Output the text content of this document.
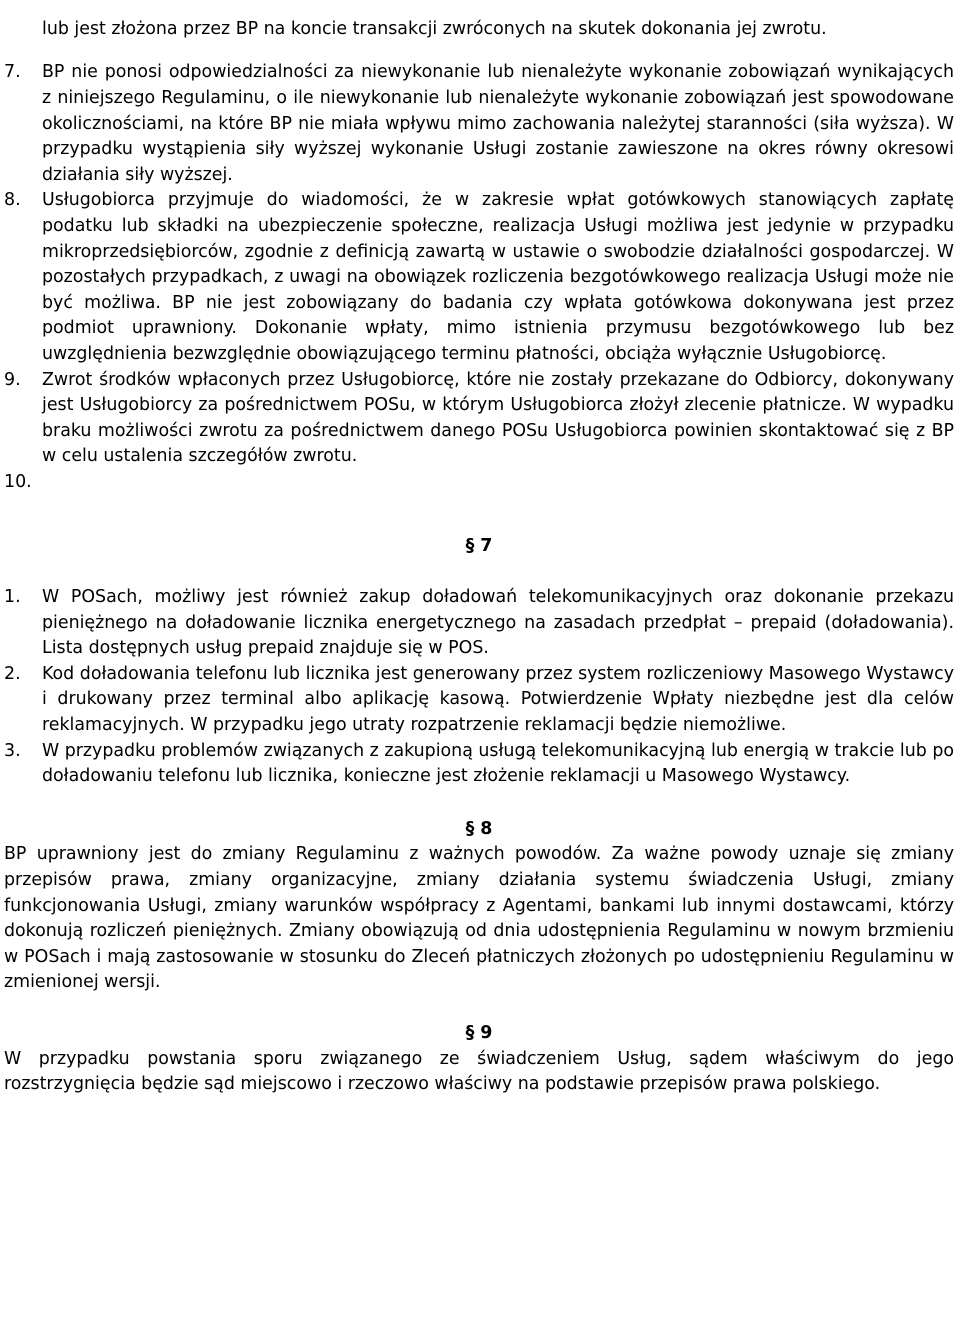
lub jest złożona przez BP na koncie transakcji zwróconych na skutek dokonania jej zwrotu.

7.	BP nie ponosi odpowiedzialności za niewykonanie lub nienależyte wykonanie zobowiązań wynikających z niniejszego Regulaminu, o ile niewykonanie lub nienależyte wykonanie zobowiązań jest spowodowane okolicznościami, na które BP nie miała wpływu mimo zachowania należytej staranności (siła wyższa). W przypadku wystąpienia siły wyższej wykonanie Usługi zostanie zawieszone na okres równy okresowi działania siły wyższej.
8.	Usługobiorca przyjmuje do wiadomości, że w zakresie wpłat gotówkowych stanowiących zapłatę podatku lub składki na ubezpieczenie społeczne, realizacja Usługi możliwa jest jedynie w przypadku mikroprzedsiębiorców, zgodnie z definicją zawartą w ustawie o swobodzie działalności gospodarczej. W pozostałych przypadkach, z uwagi na obowiązek rozliczenia bezgotówkowego realizacja Usługi może nie być możliwa. BP nie jest zobowiązany do badania czy wpłata gotówkowa dokonywana jest przez podmiot uprawniony. Dokonanie wpłaty, mimo istnienia przymusu bezgotówkowego lub bez uwzględnienia bezwzględnie obowiązującego terminu płatności, obciąża wyłącznie Usługobiorcę.
9.	Zwrot środków wpłaconych przez Usługobiorcę, które nie zostały przekazane do Odbiorcy, dokonywany jest Usługobiorcy za pośrednictwem POSu, w którym Usługobiorca złożył zlecenie płatnicze. W wypadku braku możliwości zwrotu za pośrednictwem danego POSu Usługobiorca powinien skontaktować się z BP w celu ustalenia szczegółów zwrotu.
10.

§ 7

1.	W POSach, możliwy jest również zakup doładowań telekomunikacyjnych oraz dokonanie przekazu pieniężnego na doładowanie licznika energetycznego na zasadach przedpłat – prepaid (doładowania). Lista dostępnych usług prepaid znajduje się w POS.
2.	Kod doładowania telefonu lub licznika jest generowany przez system rozliczeniowy Masowego Wystawcy i drukowany przez terminal albo aplikację kasową. Potwierdzenie Wpłaty niezbędne jest dla celów reklamacyjnych. W przypadku jego utraty rozpatrzenie reklamacji będzie niemożliwe.
3.	W przypadku problemów związanych z zakupioną usługą telekomunikacyjną lub energią w trakcie lub po doładowaniu telefonu lub licznika, konieczne jest złożenie reklamacji u Masowego Wystawcy.

§ 8

BP uprawniony jest do zmiany Regulaminu z ważnych powodów. Za ważne powody uznaje się zmiany przepisów prawa, zmiany organizacyjne, zmiany działania systemu świadczenia Usługi, zmiany funkcjonowania Usługi, zmiany warunków współpracy z Agentami, bankami lub innymi dostawcami, którzy dokonują rozliczeń pieniężnych. Zmiany obowiązują od dnia udostępnienia Regulaminu w nowym brzmieniu w POSach i mają zastosowanie w stosunku do Zleceń płatniczych złożonych po udostępnieniu Regulaminu w zmienionej wersji.

§ 9

W przypadku powstania sporu związanego ze świadczeniem Usług, sądem właściwym do jego rozstrzygnięcia będzie sąd miejscowo i rzeczowo właściwy na podstawie przepisów prawa polskiego.
